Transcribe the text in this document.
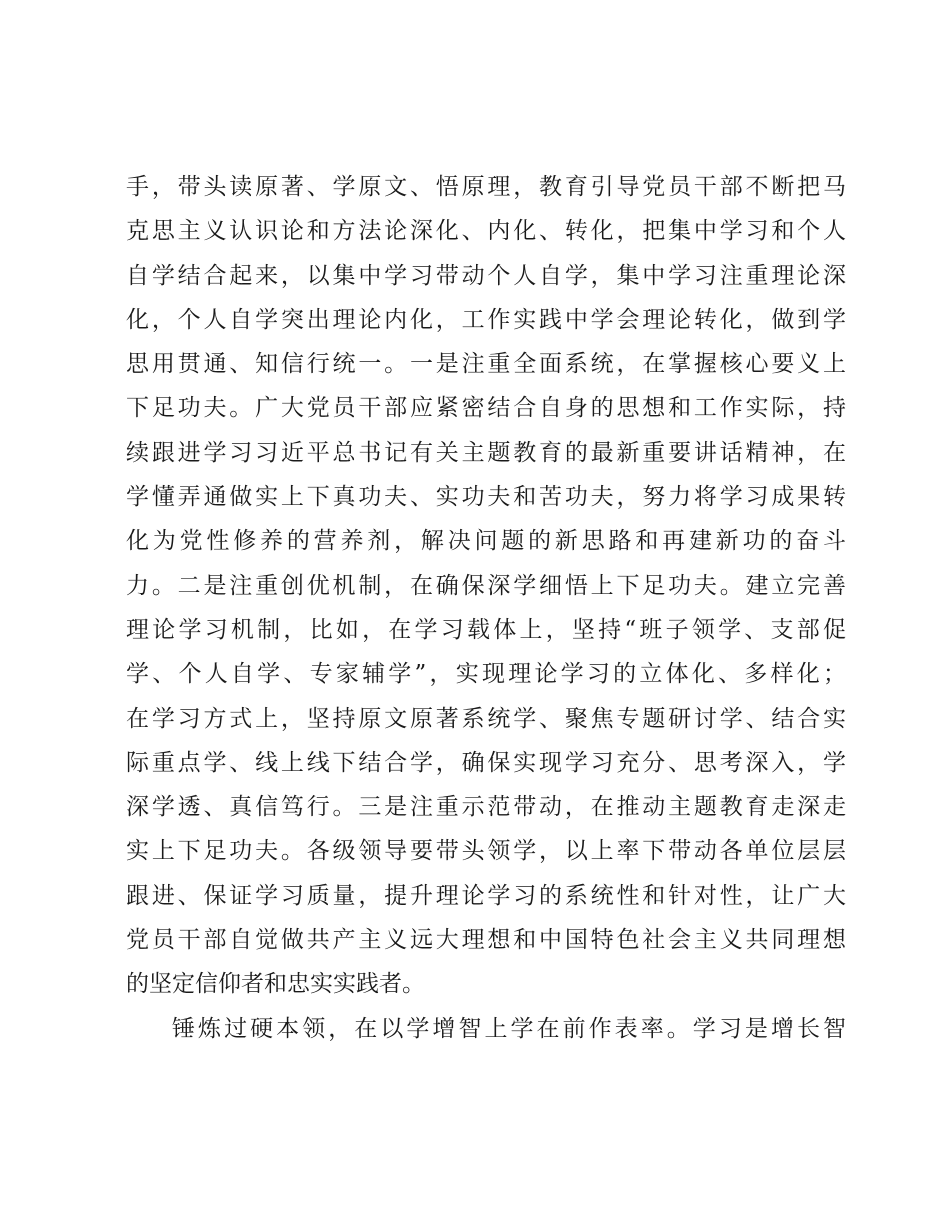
手，带头读原著、学原文、悟原理，教育引导党员干部不断把马
克思主义认识论和方法论深化、内化、转化，把集中学习和个人
自学结合起来，以集中学习带动个人自学，集中学习注重理论深
化，个人自学突出理论内化，工作实践中学会理论转化，做到学
思用贯通、知信行统一。一是注重全面系统，在掌握核心要义上
下足功夫。广大党员干部应紧密结合自身的思想和工作实际，持
续跟进学习习近平总书记有关主题教育的最新重要讲话精神，在
学懂弄通做实上下真功夫、实功夫和苦功夫，努力将学习成果转
化为党性修养的营养剂，解决问题的新思路和再建新功的奋斗
力。二是注重创优机制，在确保深学细悟上下足功夫。建立完善
理论学习机制，比如，在学习载体上，坚持“班子领学、支部促
学、个人自学、专家辅学”，实现理论学习的立体化、多样化；
在学习方式上，坚持原文原著系统学、聚焦专题研讨学、结合实
际重点学、线上线下结合学，确保实现学习充分、思考深入，学
深学透、真信笃行。三是注重示范带动，在推动主题教育走深走
实上下足功夫。各级领导要带头领学，以上率下带动各单位层层
跟进、保证学习质量，提升理论学习的系统性和针对性，让广大
党员干部自觉做共产主义远大理想和中国特色社会主义共同理想
的坚定信仰者和忠实实践者。
锤炼过硬本领，在以学增智上学在前作表率。学习是增长智
